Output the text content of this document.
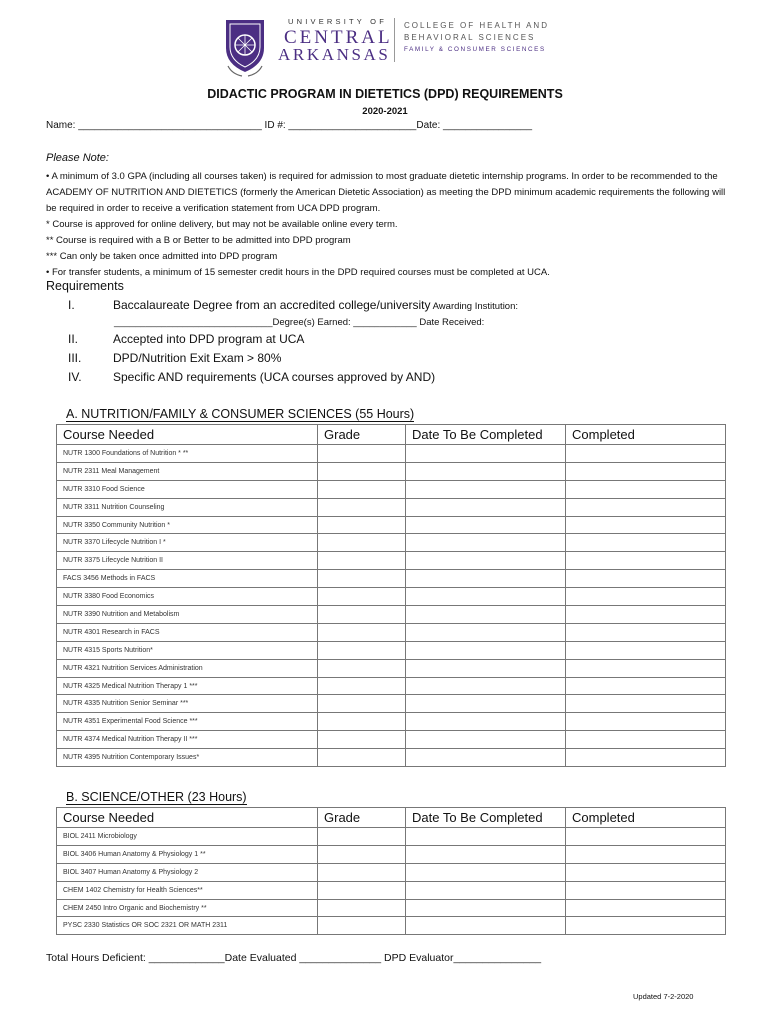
UNIVERSITY OF
CENTRAL
ARKANSAS
COLLEGE OF HEALTH AND
BEHAVIORAL SCIENCES
FAMILY & CONSUMER SCIENCES
DIDACTIC PROGRAM IN DIETETICS (DPD) REQUIREMENTS
2020-2021
Name: _________________________________ ID #: _______________________Date: ________________
Please Note:
• A minimum of 3.0 GPA (including all courses taken) is required for admission to most graduate dietetic internship programs. In order to be recommended to the ACADEMY OF NUTRITION AND DIETETICS (formerly the American Dietetic Association) as meeting the DPD minimum academic requirements the following will be required in order to receive a verification statement from UCA DPD program.
* Course is approved for online delivery, but may not be available online every term.
** Course is required with a B or Better to be admitted into DPD program
*** Can only be taken once admitted into DPD program
• For transfer students, a minimum of 15 semester credit hours in the DPD required courses must be completed at UCA.
Requirements
I.	Baccalaureate Degree from an accredited college/university Awarding Institution:
______________________________Degree(s) Earned: ____________ Date Received:
II.	Accepted into DPD program at UCA
III.	DPD/Nutrition Exit Exam > 80%
IV.	Specific AND requirements (UCA courses approved by AND)
A. NUTRITION/FAMILY & CONSUMER SCIENCES (55 Hours)
Course Needed	Grade	Date To Be Completed	Completed
NUTR 1300 Foundations of Nutrition * **			
NUTR 2311 Meal Management			
NUTR 3310 Food Science			
NUTR 3311 Nutrition Counseling			
NUTR 3350 Community Nutrition *			
NUTR 3370 Lifecycle Nutrition I *			
NUTR 3375 Lifecycle Nutrition II			
FACS 3456 Methods in FACS			
NUTR 3380 Food Economics			
NUTR 3390 Nutrition and Metabolism			
NUTR 4301 Research in FACS			
NUTR 4315 Sports Nutrition*			
NUTR 4321 Nutrition Services Administration			
NUTR 4325 Medical Nutrition Therapy 1 ***			
NUTR 4335 Nutrition Senior Seminar ***			
NUTR 4351 Experimental Food Science ***			
NUTR 4374 Medical Nutrition Therapy II ***			
NUTR 4395 Nutrition Contemporary Issues*			
B. SCIENCE/OTHER (23 Hours)
Course Needed	Grade	Date To Be Completed	Completed
BIOL 2411 Microbiology			
BIOL 3406 Human Anatomy & Physiology 1 **			
BIOL 3407 Human Anatomy & Physiology 2			
CHEM 1402 Chemistry for Health Sciences**			
CHEM 2450 Intro Organic and Biochemistry **			
PYSC 2330 Statistics OR SOC 2321 OR MATH 2311			
Total Hours Deficient: _____________Date Evaluated ______________ DPD Evaluator_______________
Updated 7-2-2020
